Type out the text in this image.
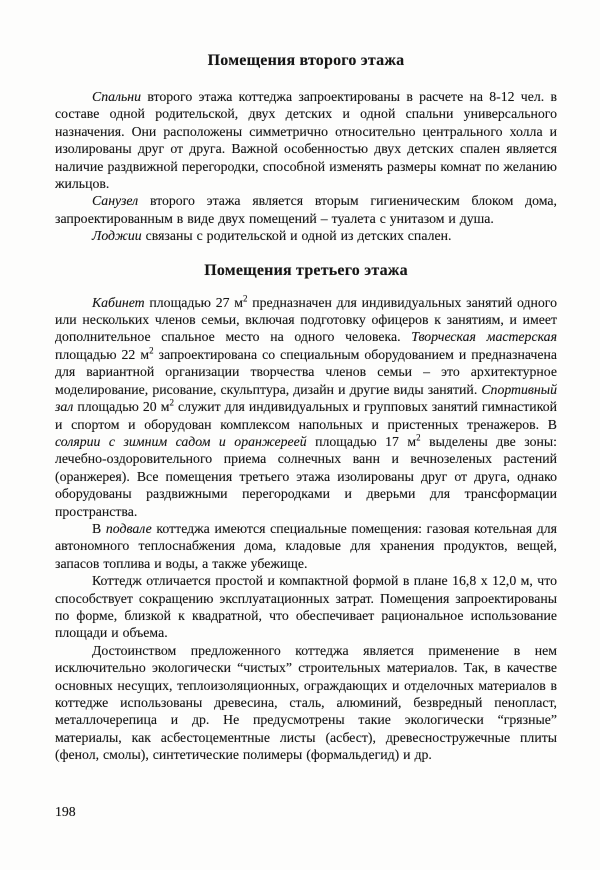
Помещения второго этажа

Спальни второго этажа коттеджа запроектированы в расчете на 8-12 чел. в составе одной родительской, двух детских и одной спальни универсального назначения. Они расположены симметрично относительно центрального холла и изолированы друг от друга. Важной особенностью двух детских спален является наличие раздвижной перегородки, способной изменять размеры комнат по желанию жильцов.

Санузел второго этажа является вторым гигиеническим блоком дома, запроектированным в виде двух помещений – туалета с унитазом и душа.

Лоджии связаны с родительской и одной из детских спален.

Помещения третьего этажа

Кабинет площадью 27 $м^2$ предназначен для индивидуальных занятий одного или нескольких членов семьи, включая подготовку офицеров к занятиям, и имеет дополнительное спальное место на одного человека. Творческая мастерская площадью 22 $м^2$ запроектирована со специальным оборудованием и предназначена для вариантной организации творчества членов семьи – это архитектурное моделирование, рисование, скульптура, дизайн и другие виды занятий. Спортивный зал площадью 20 $м^2$ служит для индивидуальных и групповых занятий гимнастикой и спортом и оборудован комплексом напольных и пристенных тренажеров. В солярии с зимним садом и оранжереей площадью 17 $м^2$ выделены две зоны: лечебно-оздоровительного приема солнечных ванн и вечнозеленых растений (оранжерея). Все помещения третьего этажа изолированы друг от друга, однако оборудованы раздвижными перегородками и дверьми для трансформации пространства.

В подвале коттеджа имеются специальные помещения: газовая котельная для автономного теплоснабжения дома, кладовые для хранения продуктов, вещей, запасов топлива и воды, а также убежище.

Коттедж отличается простой и компактной формой в плане 16,8 х 12,0 м, что способствует сокращению эксплуатационных затрат. Помещения запроектированы по форме, близкой к квадратной, что обеспечивает рациональное использование площади и объема.

Достоинством предложенного коттеджа является применение в нем исключительно экологически “чистых” строительных материалов. Так, в качестве основных несущих, теплоизоляционных, ограждающих и отделочных материалов в коттедже использованы древесина, сталь, алюминий, безвредный пенопласт, металлочерепица и др. Не предусмотрены такие экологически “грязные” материалы, как асбестоцементные листы (асбест), древесностружечные плиты (фенол, смолы), синтетические полимеры (формальдегид) и др.

198
